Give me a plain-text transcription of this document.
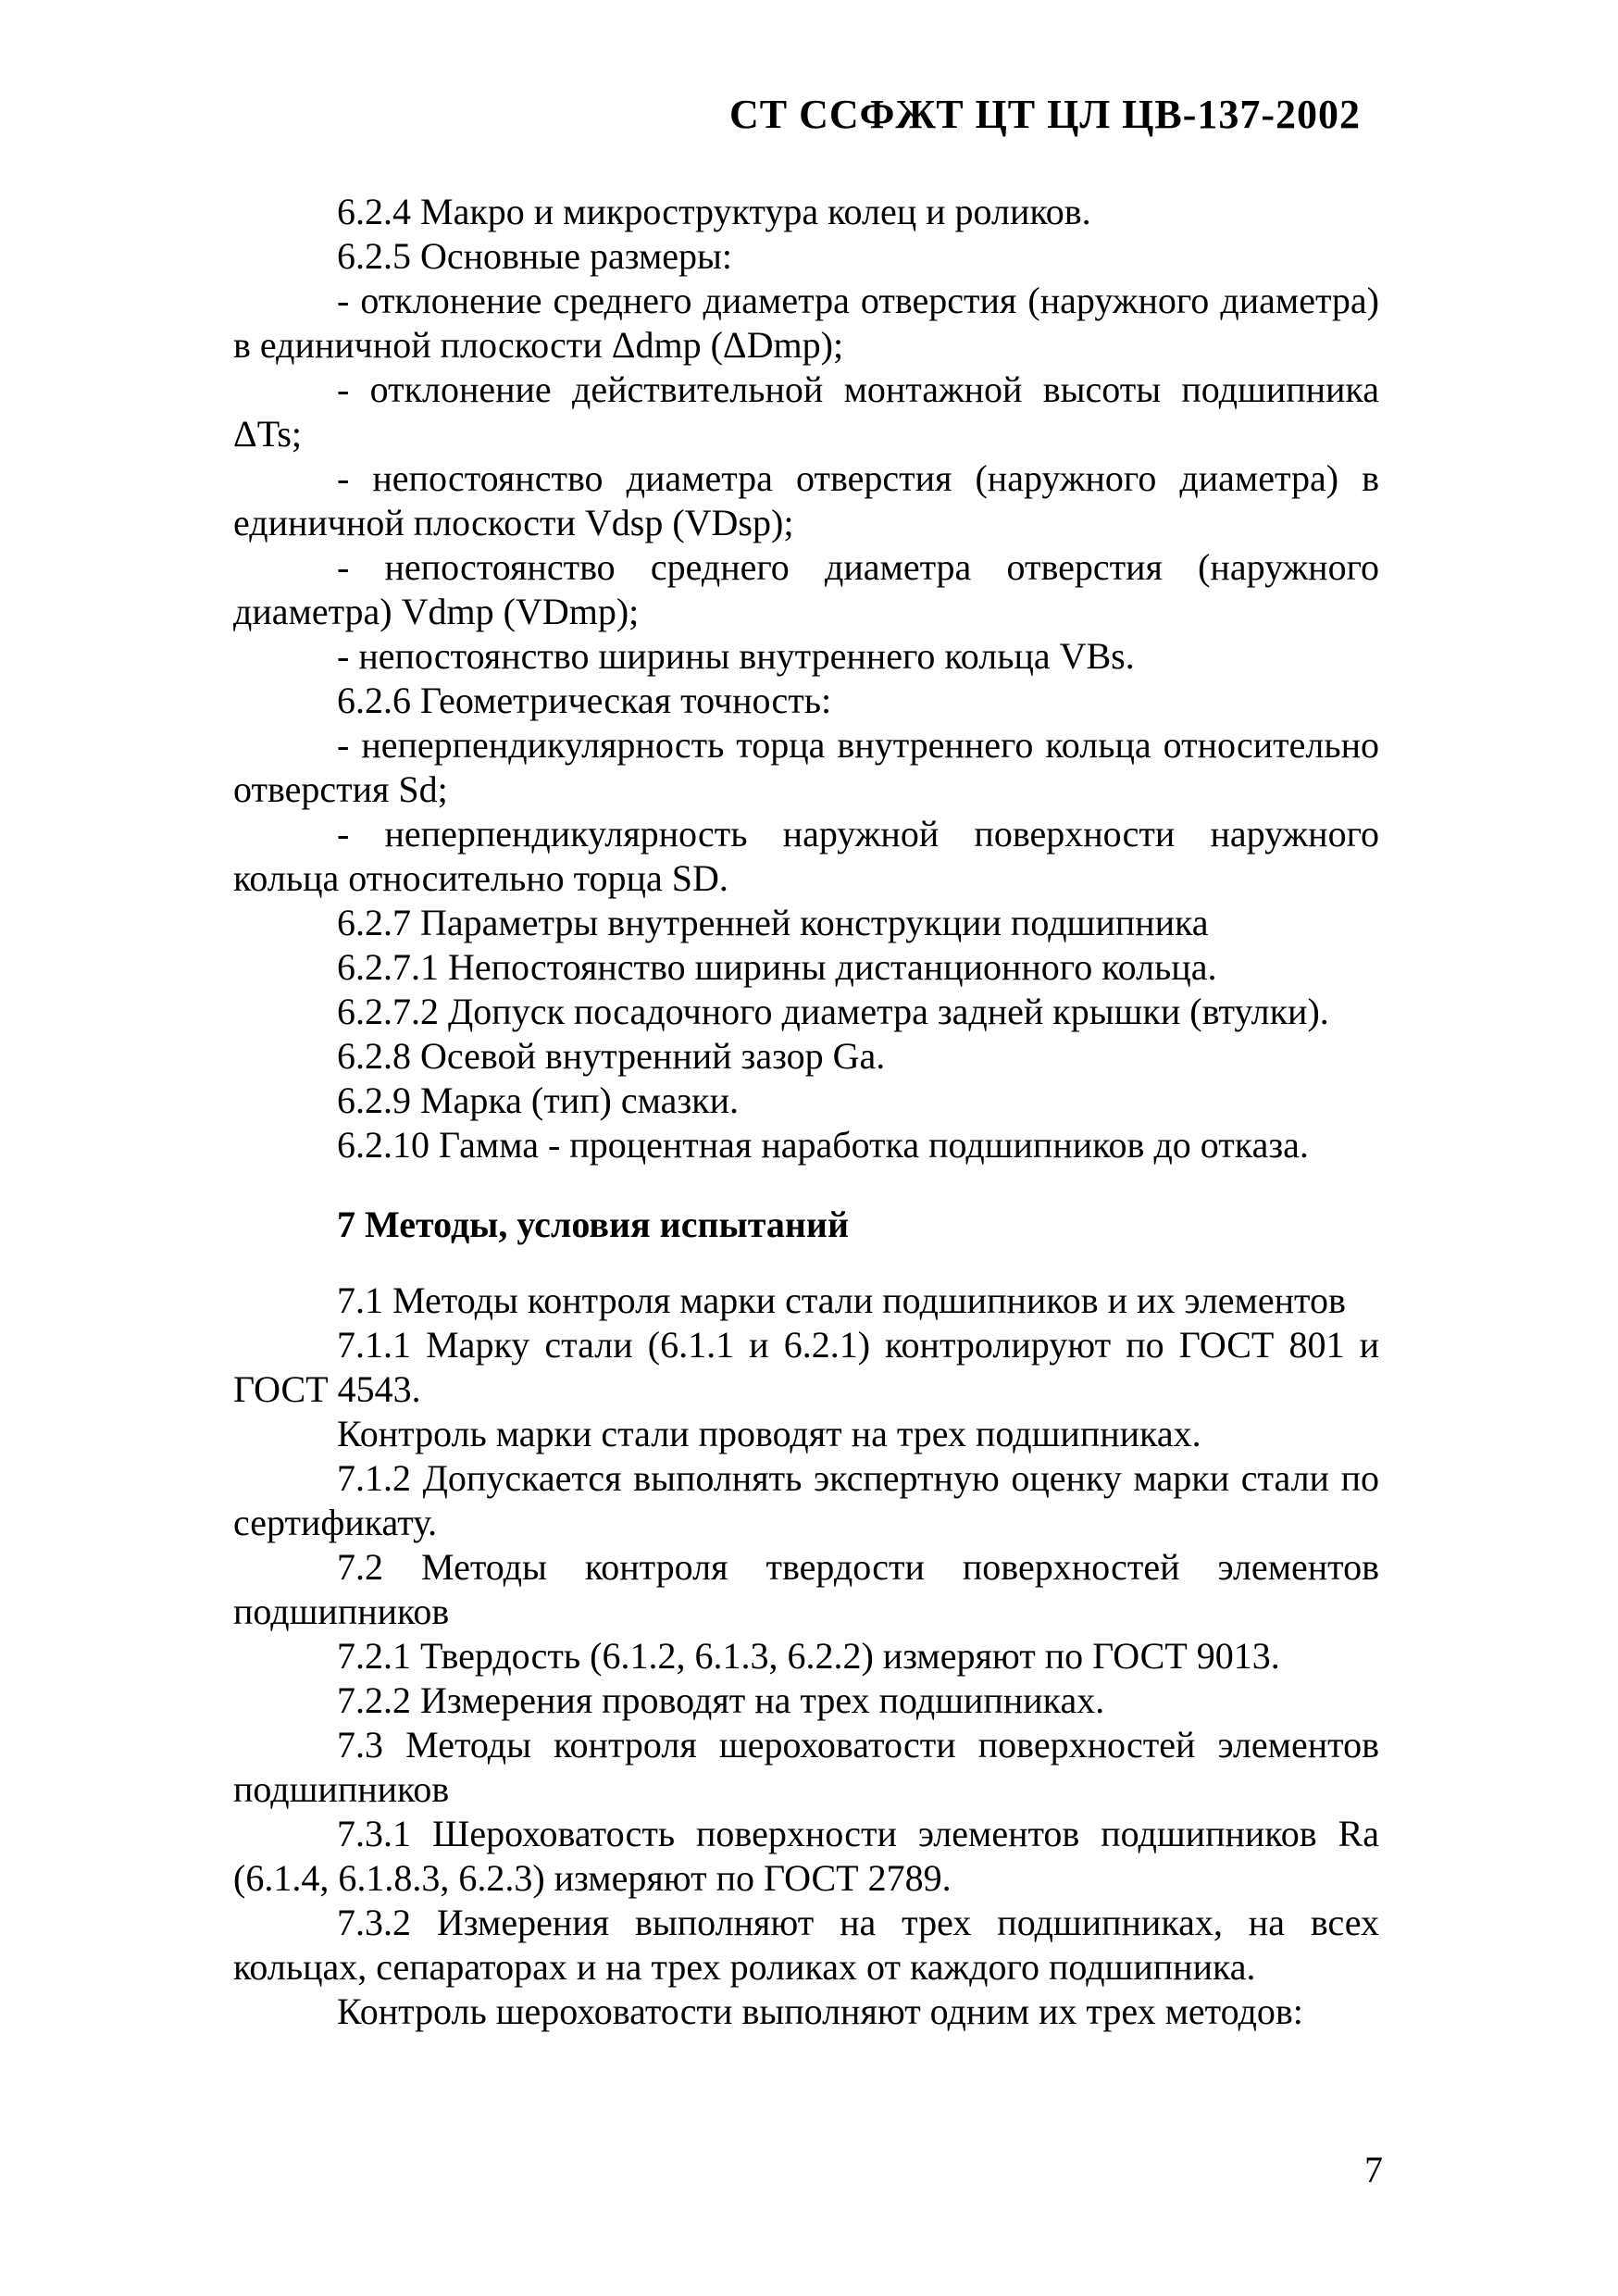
СТ ССФЖТ ЦТ ЦЛ ЦВ-137-2002

6.2.4 Макро и микроструктура колец и роликов.

6.2.5 Основные размеры:

- отклонение среднего диаметра отверстия (наружного диаметра) в единичной плоскости Δdmp (ΔDmp);

- отклонение действительной монтажной высоты подшипника ΔTs;

- непостоянство диаметра отверстия (наружного диаметра) в единичной плоскости Vdsp (VDsp);

- непостоянство среднего диаметра отверстия (наружного диаметра) Vdmp (VDmp);

- непостоянство ширины внутреннего кольца VBs.

6.2.6 Геометрическая точность:

- неперпендикулярность торца внутреннего кольца относительно отверстия Sd;

- неперпендикулярность наружной поверхности наружного кольца относительно торца SD.

6.2.7 Параметры внутренней конструкции подшипника

6.2.7.1 Непостоянство ширины дистанционного кольца.

6.2.7.2 Допуск посадочного диаметра задней крышки (втулки).

6.2.8 Осевой внутренний зазор Ga.

6.2.9 Марка (тип) смазки.

6.2.10 Гамма - процентная наработка подшипников до отказа.

7 Методы, условия испытаний

7.1 Методы контроля марки стали подшипников и их элементов

7.1.1 Марку стали (6.1.1 и 6.2.1) контролируют по ГОСТ 801 и ГОСТ 4543.

Контроль марки стали проводят на трех подшипниках.

7.1.2 Допускается выполнять экспертную оценку марки стали по сертификату.

7.2 Методы контроля твердости поверхностей элементов подшипников

7.2.1 Твердость (6.1.2, 6.1.3, 6.2.2) измеряют по ГОСТ 9013.

7.2.2 Измерения проводят на трех подшипниках.

7.3 Методы контроля шероховатости поверхностей элементов подшипников

7.3.1 Шероховатость поверхности элементов подшипников Ra (6.1.4, 6.1.8.3, 6.2.3) измеряют по ГОСТ 2789.

7.3.2 Измерения выполняют на трех подшипниках, на всех кольцах, сепараторах и на трех роликах от каждого подшипника.

Контроль шероховатости выполняют одним их трех методов:

7
